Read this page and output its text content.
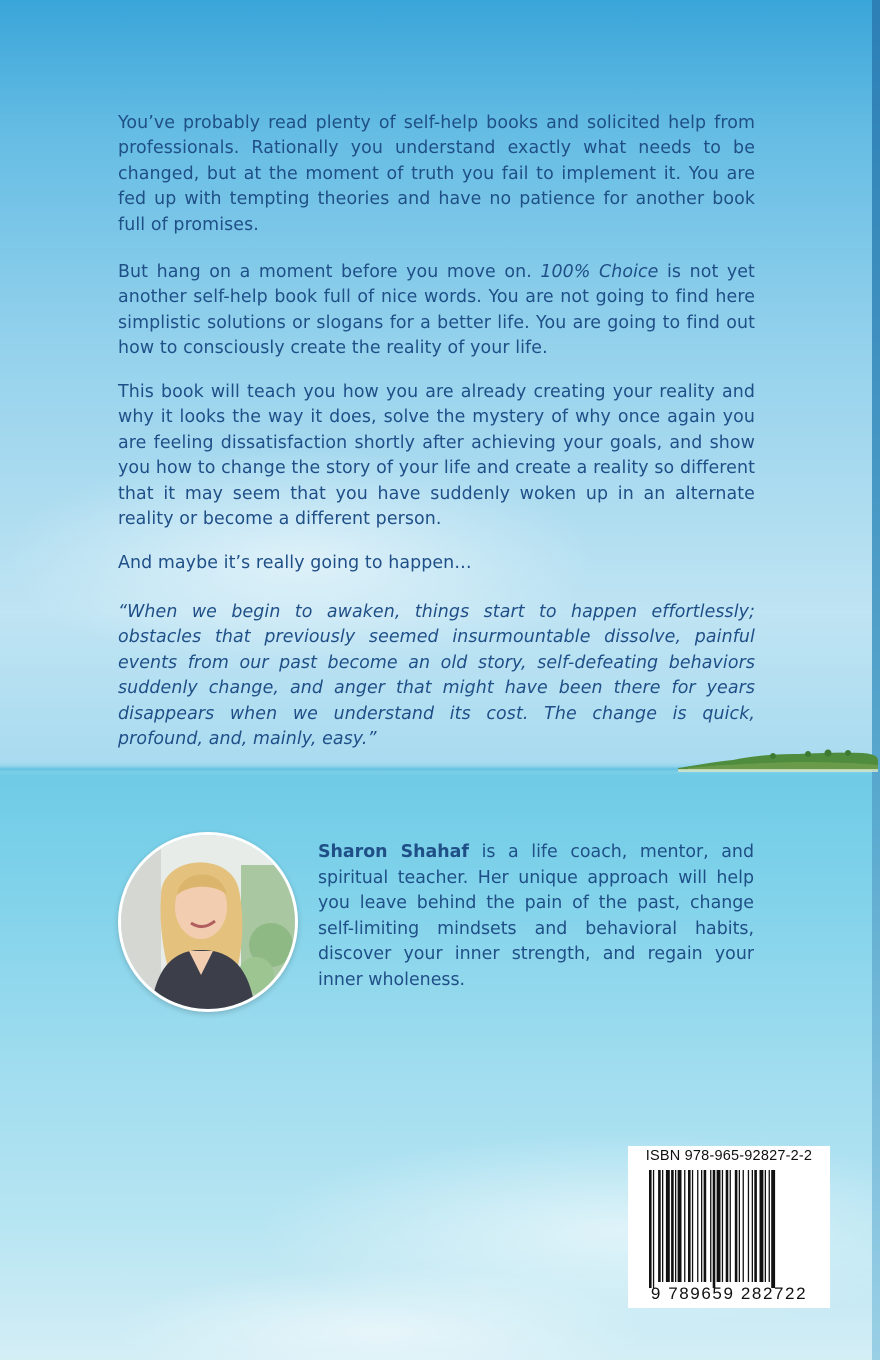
You’ve probably read plenty of self-help books and solicited help from professionals. Rationally you understand exactly what needs to be changed, but at the moment of truth you fail to implement it. You are fed up with tempting theories and have no patience for another book full of promises.

But hang on a moment before you move on. 100% Choice is not yet another self-help book full of nice words. You are not going to find here simplistic solutions or slogans for a better life. You are going to find out how to consciously create the reality of your life.

This book will teach you how you are already creating your reality and why it looks the way it does, solve the mystery of why once again you are feeling dissatisfaction shortly after achieving your goals, and show you how to change the story of your life and create a reality so different that it may seem that you have suddenly woken up in an alternate reality or become a different person.

And maybe it’s really going to happen…

“When we begin to awaken, things start to happen effortlessly; obstacles that previously seemed insurmountable dissolve, painful events from our past become an old story, self-defeating behaviors suddenly change, and anger that might have been there for years disappears when we understand its cost. The change is quick, profound, and, mainly, easy.”

Sharon Shahaf is a life coach, mentor, and spiritual teacher. Her unique approach will help you leave behind the pain of the past, change self-limiting mindsets and behavioral habits, discover your inner strength, and regain your inner wholeness.
ISBN 978-965-92827-2-2
9 789659 282722
